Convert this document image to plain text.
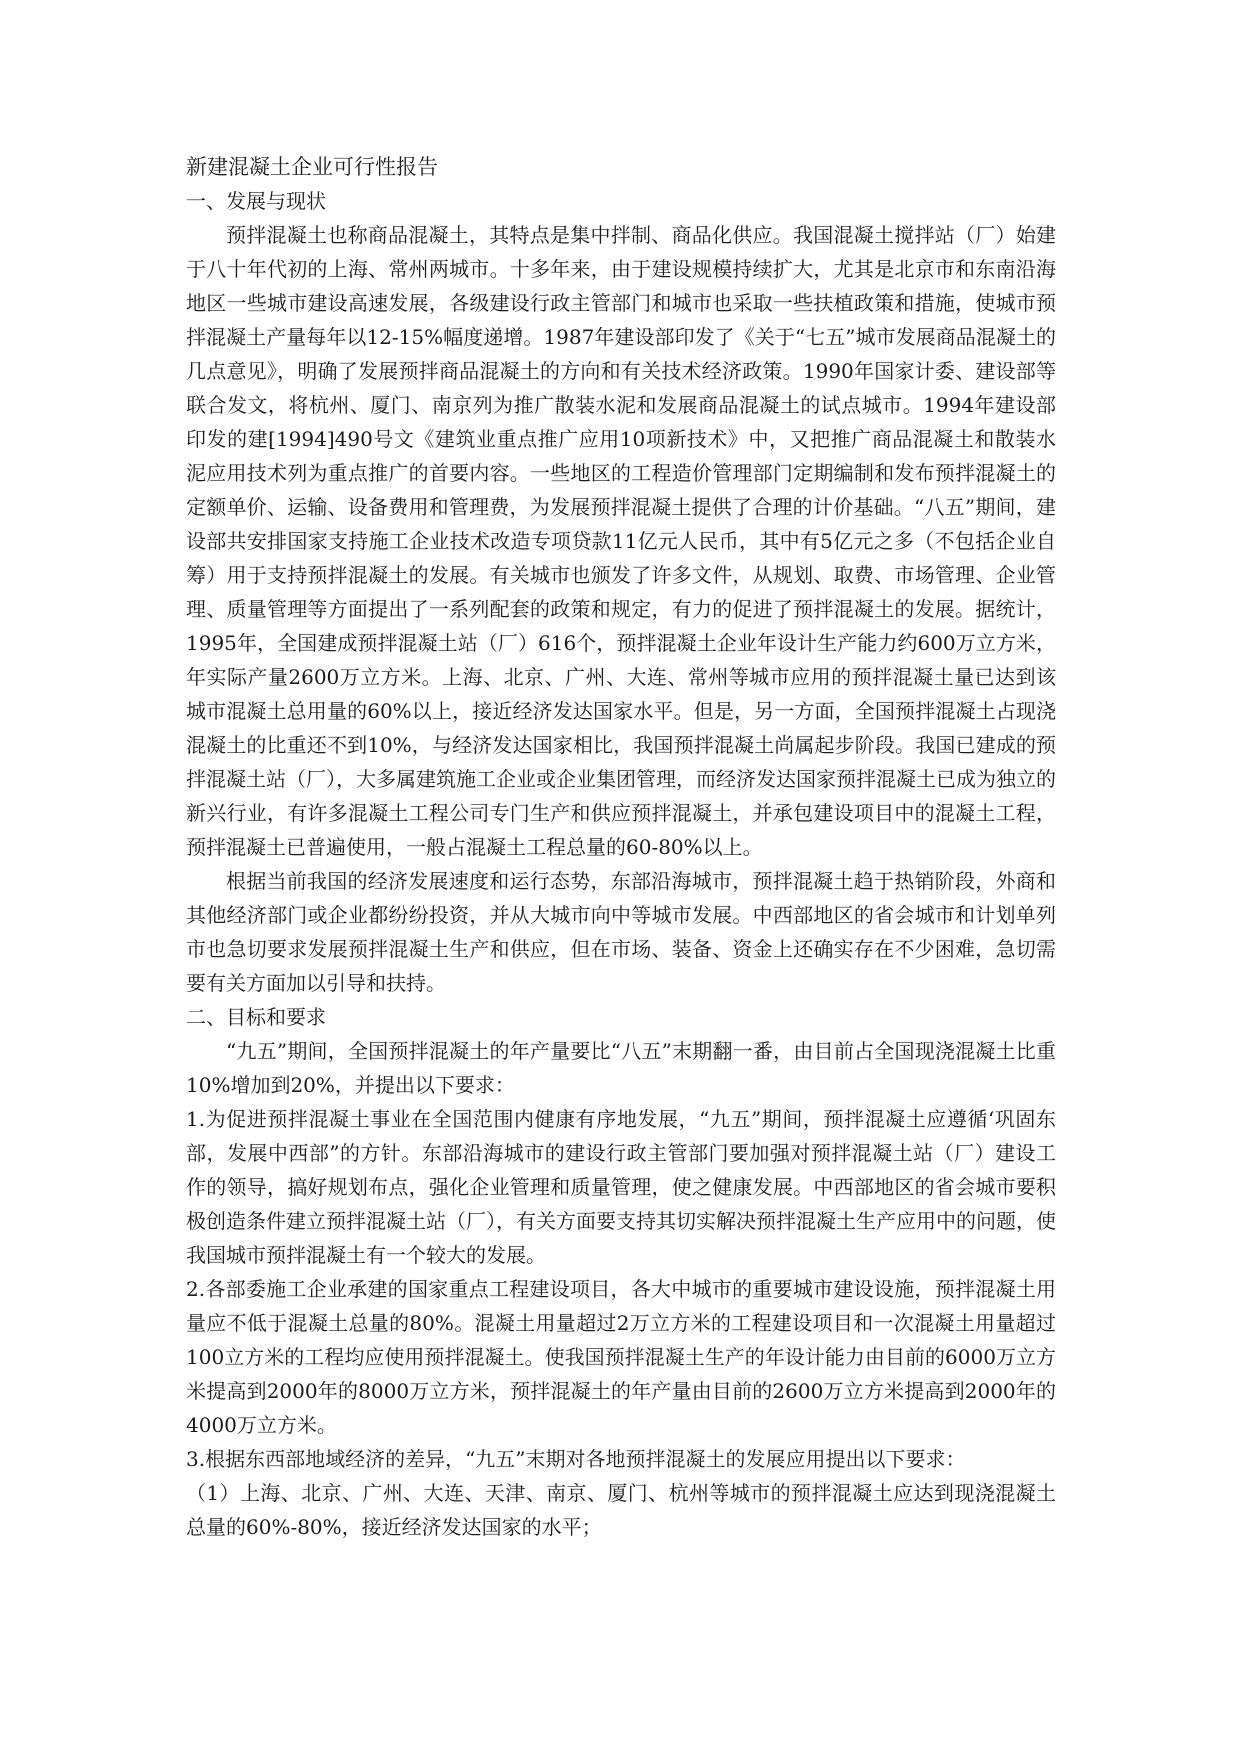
新建混凝土企业可行性报告

一、发展与现状

预拌混凝土也称商品混凝土，其特点是集中拌制、商品化供应。我国混凝土搅拌站（厂）始建于八十年代初的上海、常州两城市。十多年来，由于建设规模持续扩大，尤其是北京市和东南沿海地区一些城市建设高速发展，各级建设行政主管部门和城市也采取一些扶植政策和措施，使城市预拌混凝土产量每年以12-15%幅度递增。1987年建设部印发了《关于“七五”城市发展商品混凝土的几点意见》，明确了发展预拌商品混凝土的方向和有关技术经济政策。1990年国家计委、建设部等联合发文，将杭州、厦门、南京列为推广散装水泥和发展商品混凝土的试点城市。1994年建设部印发的建[1994]490号文《建筑业重点推广应用10项新技术》中，又把推广商品混凝土和散装水泥应用技术列为重点推广的首要内容。一些地区的工程造价管理部门定期编制和发布预拌混凝土的定额单价、运输、设备费用和管理费，为发展预拌混凝土提供了合理的计价基础。“八五”期间，建设部共安排国家支持施工企业技术改造专项贷款11亿元人民币，其中有5亿元之多（不包括企业自筹）用于支持预拌混凝土的发展。有关城市也颁发了许多文件，从规划、取费、市场管理、企业管理、质量管理等方面提出了一系列配套的政策和规定，有力的促进了预拌混凝土的发展。据统计，1995年，全国建成预拌混凝土站（厂）616个，预拌混凝土企业年设计生产能力约600万立方米，年实际产量2600万立方米。上海、北京、广州、大连、常州等城市应用的预拌混凝土量已达到该城市混凝土总用量的60%以上，接近经济发达国家水平。但是，另一方面，全国预拌混凝土占现浇混凝土的比重还不到10%，与经济发达国家相比，我国预拌混凝土尚属起步阶段。我国已建成的预拌混凝土站（厂），大多属建筑施工企业或企业集团管理，而经济发达国家预拌混凝土已成为独立的新兴行业，有许多混凝土工程公司专门生产和供应预拌混凝土，并承包建设项目中的混凝土工程，预拌混凝土已普遍使用，一般占混凝土工程总量的60-80%以上。

根据当前我国的经济发展速度和运行态势，东部沿海城市，预拌混凝土趋于热销阶段，外商和其他经济部门或企业都纷纷投资，并从大城市向中等城市发展。中西部地区的省会城市和计划单列市也急切要求发展预拌混凝土生产和供应，但在市场、装备、资金上还确实存在不少困难，急切需要有关方面加以引导和扶持。

二、目标和要求

“九五”期间，全国预拌混凝土的年产量要比“八五”末期翻一番，由目前占全国现浇混凝土比重10%增加到20%，并提出以下要求：

1.为促进预拌混凝土事业在全国范围内健康有序地发展，“九五”期间，预拌混凝土应遵循‘巩固东部，发展中西部”的方针。东部沿海城市的建设行政主管部门要加强对预拌混凝土站（厂）建设工作的领导，搞好规划布点，强化企业管理和质量管理，使之健康发展。中西部地区的省会城市要积极创造条件建立预拌混凝土站（厂），有关方面要支持其切实解决预拌混凝土生产应用中的问题，使我国城市预拌混凝土有一个较大的发展。

2.各部委施工企业承建的国家重点工程建设项目，各大中城市的重要城市建设设施，预拌混凝土用量应不低于混凝土总量的80%。混凝土用量超过2万立方米的工程建设项目和一次混凝土用量超过100立方米的工程均应使用预拌混凝土。使我国预拌混凝土生产的年设计能力由目前的6000万立方米提高到2000年的8000万立方米，预拌混凝土的年产量由目前的2600万立方米提高到2000年的4000万立方米。

3.根据东西部地域经济的差异，“九五”末期对各地预拌混凝土的发展应用提出以下要求：

（1）上海、北京、广州、大连、天津、南京、厦门、杭州等城市的预拌混凝土应达到现浇混凝土总量的60%-80%，接近经济发达国家的水平；
